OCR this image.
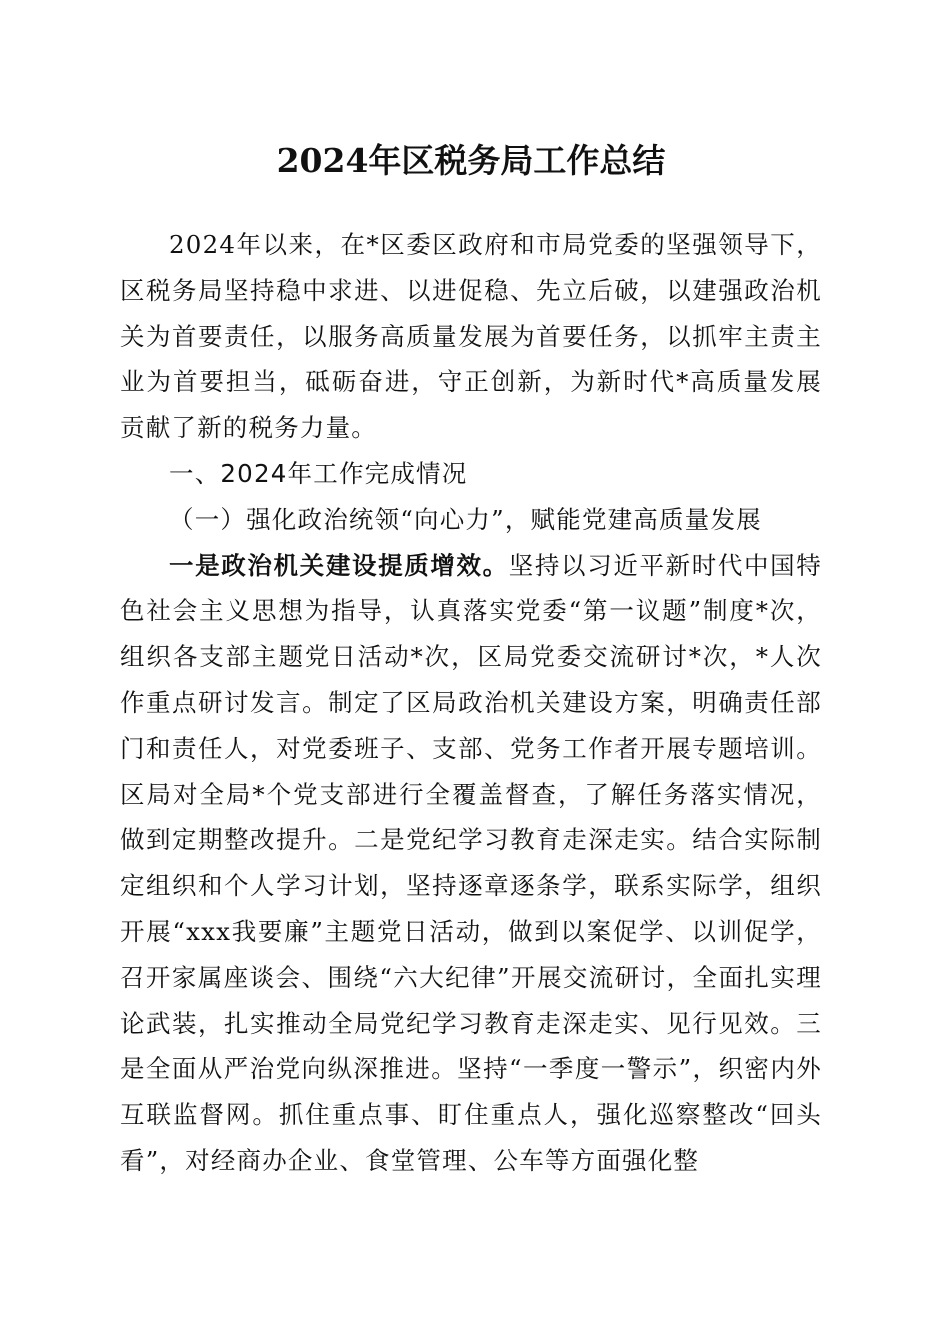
2024年区税务局工作总结

2024年以来，在*区委区政府和市局党委的坚强领导下，区税务局坚持稳中求进、以进促稳、先立后破，以建强政治机关为首要责任，以服务高质量发展为首要任务，以抓牢主责主业为首要担当，砥砺奋进，守正创新，为新时代*高质量发展贡献了新的税务力量。

一、2024年工作完成情况

（一）强化政治统领“向心力”，赋能党建高质量发展

一是政治机关建设提质增效。坚持以习近平新时代中国特色社会主义思想为指导，认真落实党委“第一议题”制度*次，组织各支部主题党日活动*次，区局党委交流研讨*次，*人次作重点研讨发言。制定了区局政治机关建设方案，明确责任部门和责任人，对党委班子、支部、党务工作者开展专题培训。区局对全局*个党支部进行全覆盖督查，了解任务落实情况，做到定期整改提升。二是党纪学习教育走深走实。结合实际制定组织和个人学习计划，坚持逐章逐条学，联系实际学，组织开展“xxx我要廉”主题党日活动，做到以案促学、以训促学，召开家属座谈会、围绕“六大纪律”开展交流研讨，全面扎实理论武装，扎实推动全局党纪学习教育走深走实、见行见效。三是全面从严治党向纵深推进。坚持“一季度一警示”，织密内外互联监督网。抓住重点事、盯住重点人，强化巡察整改“回头看”，对经商办企业、食堂管理、公车等方面强化整
